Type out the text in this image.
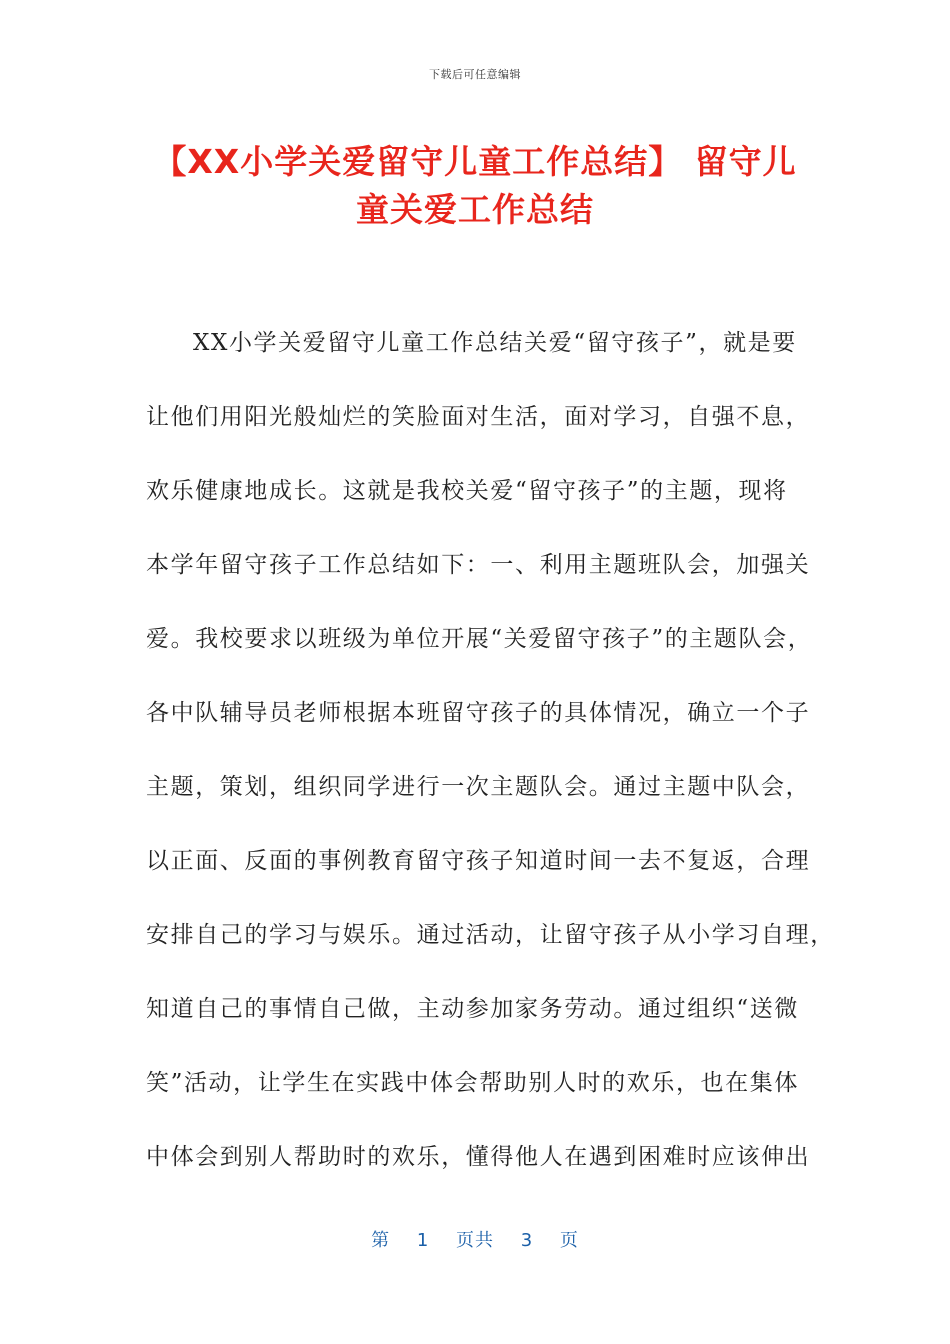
下载后可任意编辑
【XX小学关爱留守儿童工作总结】 留守儿
童关爱工作总结
XX小学关爱留守儿童工作总结关爱“留守孩子”，就是要
让他们用阳光般灿烂的笑脸面对生活，面对学习，自强不息，
欢乐健康地成长。这就是我校关爱“留守孩子”的主题，现将
本学年留守孩子工作总结如下：一、利用主题班队会，加强关
爱。我校要求以班级为单位开展“关爱留守孩子”的主题队会，
各中队辅导员老师根据本班留守孩子的具体情况，确立一个子
主题，策划，组织同学进行一次主题队会。通过主题中队会，
以正面、反面的事例教育留守孩子知道时间一去不复返，合理
安排自己的学习与娱乐。通过活动，让留守孩子从小学习自理，
知道自己的事情自己做，主动参加家务劳动。通过组织“送微
笑”活动，让学生在实践中体会帮助别人时的欢乐，也在集体
中体会到别人帮助时的欢乐，懂得他人在遇到困难时应该伸出
第 1 页共 3 页
